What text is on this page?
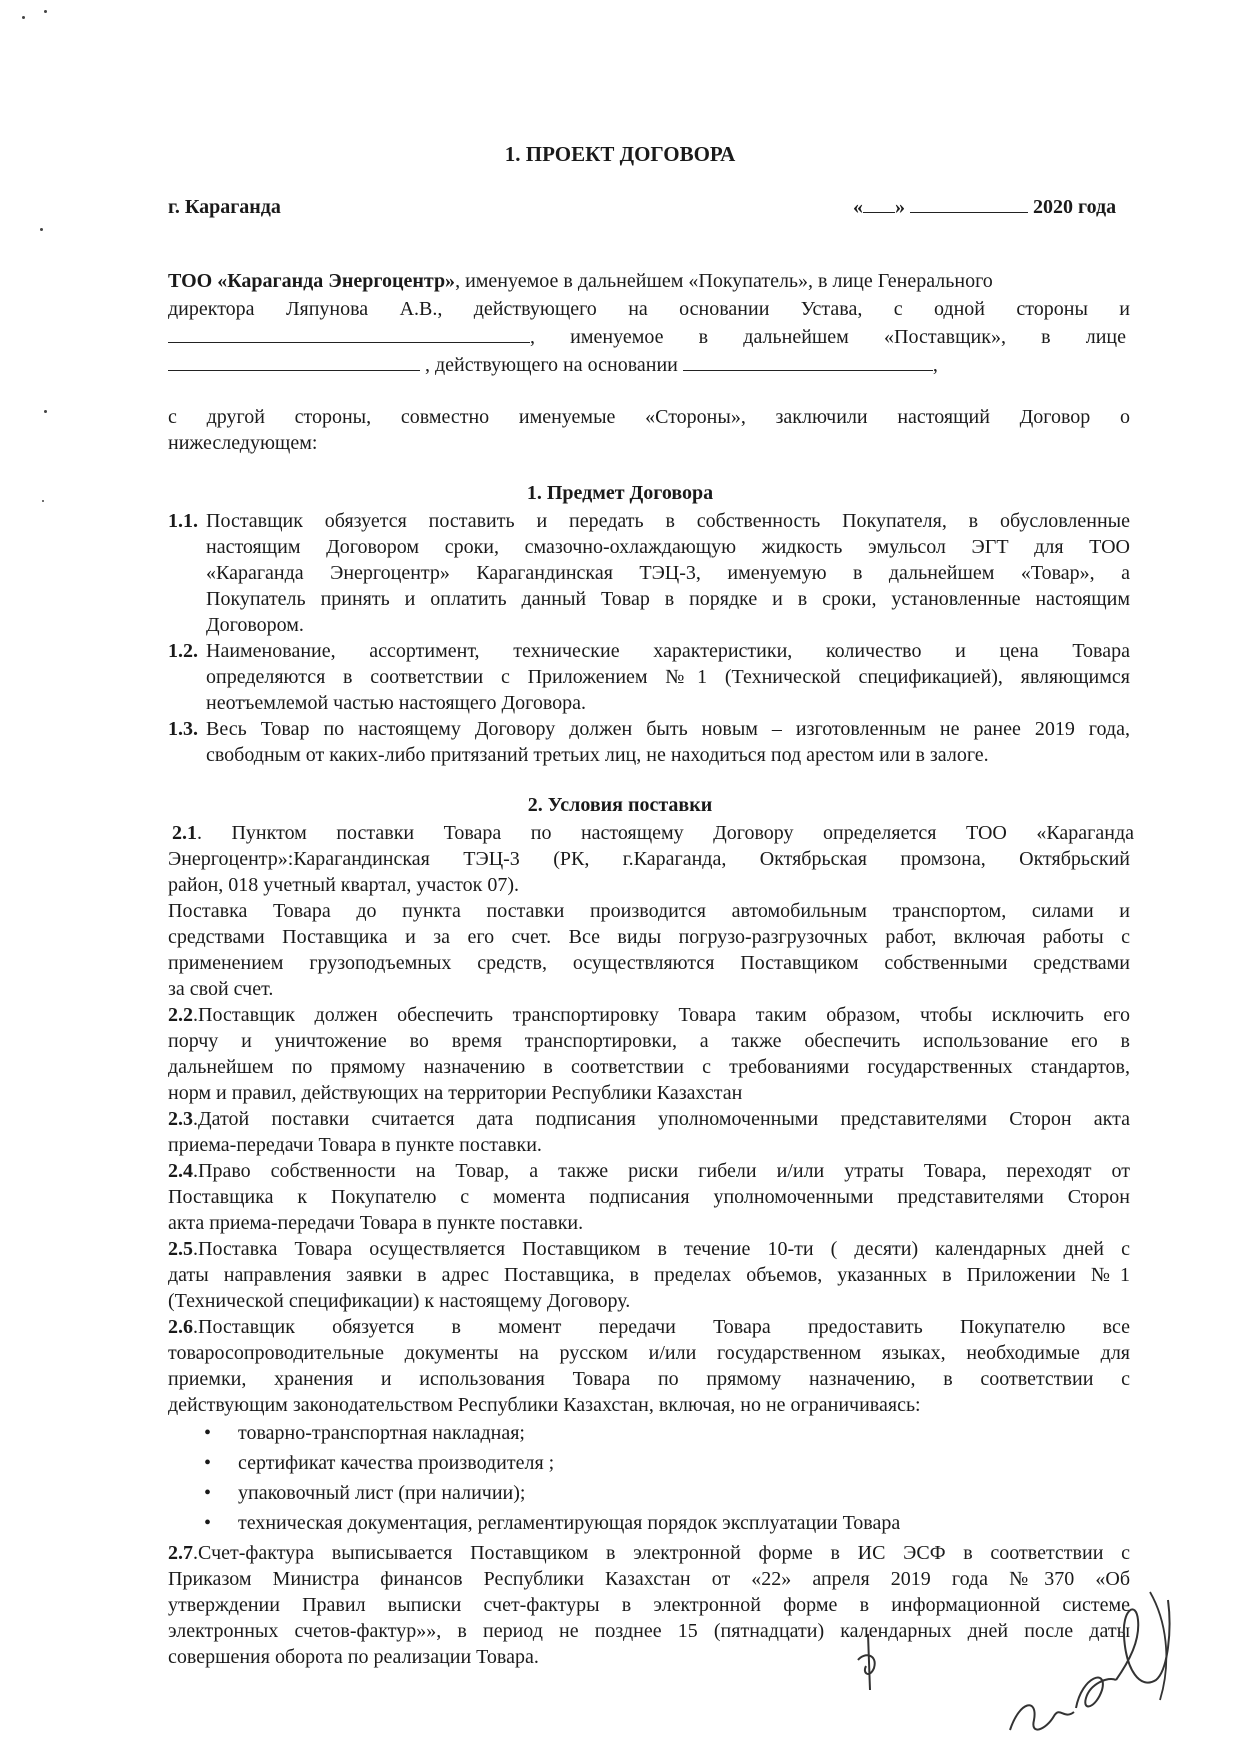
1. ПРОЕКТ ДОГОВОРА
г. Караганда	« »	2020 года
ТОО «Караганда Энергоцентр», именуемое в дальнейшем «Покупатель», в лице Генерального
директора Ляпунова А.В., действующего на основании Устава, с одной стороны и
, именуемое в дальнейшем «Поставщик», в лице
, действующего на основании	,
с другой стороны, совместно именуемые «Стороны», заключили настоящий Договор о
нижеследующем:
1. Предмет Договора
1.1. Поставщик обязуется поставить и передать в собственность Покупателя, в обусловленные
настоящим Договором сроки, смазочно-охлаждающую жидкость эмульсол ЭГТ для ТОО
«Караганда Энергоцентр» Карагандинская ТЭЦ-3, именуемую в дальнейшем «Товар», а
Покупатель принять и оплатить данный Товар в порядке и в сроки, установленные настоящим
Договором.
1.2. Наименование, ассортимент, технические характеристики, количество и цена Товара
определяются в соответствии с Приложением №1 (Технической спецификацией), являющимся
неотъемлемой частью настоящего Договора.
1.3. Весь Товар по настоящему Договору должен быть новым – изготовленным не ранее 2019 года,
свободным от каких-либо притязаний третьих лиц, не находиться под арестом или в залоге.
2. Условия поставки
2.1. Пунктом поставки Товара по настоящему Договору определяется ТОО «Караганда
Энергоцентр»:Карагандинская ТЭЦ-3 (РК, г.Караганда, Октябрьская промзона, Октябрьский
район, 018 учетный квартал, участок 07).
Поставка Товара до пункта поставки производится автомобильным транспортом, силами и
средствами Поставщика и за его счет. Все виды погрузо-разгрузочных работ, включая работы с
применением грузоподъемных средств, осуществляются Поставщиком собственными средствами
за свой счет.
2.2.Поставщик должен обеспечить транспортировку Товара таким образом, чтобы исключить его
порчу и уничтожение во время транспортировки, а также обеспечить использование его в
дальнейшем по прямому назначению в соответствии с требованиями государственных стандартов,
норм и правил, действующих на территории Республики Казахстан
2.3.Датой поставки считается дата подписания уполномоченными представителями Сторон акта
приема-передачи Товара в пункте поставки.
2.4.Право собственности на Товар, а также риски гибели и/или утраты Товара, переходят от
Поставщика к Покупателю с момента подписания уполномоченными представителями Сторон
акта приема-передачи Товара в пункте поставки.
2.5.Поставка Товара осуществляется Поставщиком в течение 10-ти ( десяти) календарных дней с
даты направления заявки в адрес Поставщика, в пределах объемов, указанных в Приложении №1
(Технической спецификации) к настоящему Договору.
2.6.Поставщик обязуется в момент передачи Товара предоставить Покупателю все
товаросопроводительные документы на русском и/или государственном языках, необходимые для
приемки, хранения и использования Товара по прямому назначению, в соответствии с
действующим законодательством Республики Казахстан, включая, но не ограничиваясь:
• товарно-транспортная накладная;
• сертификат качества производителя ;
• упаковочный лист (при наличии);
• техническая документация, регламентирующая порядок эксплуатации Товара
2.7.Счет-фактура выписывается Поставщиком в электронной форме в ИС ЭСФ в соответствии с
Приказом Министра финансов Республики Казахстан от «22» апреля 2019 года №370 «Об
утверждении Правил выписки счет-фактуры в электронной форме в информационной системе
электронных счетов-фактур»», в период не позднее 15 (пятнадцати) календарных дней после даты
совершения оборота по реализации Товара.
